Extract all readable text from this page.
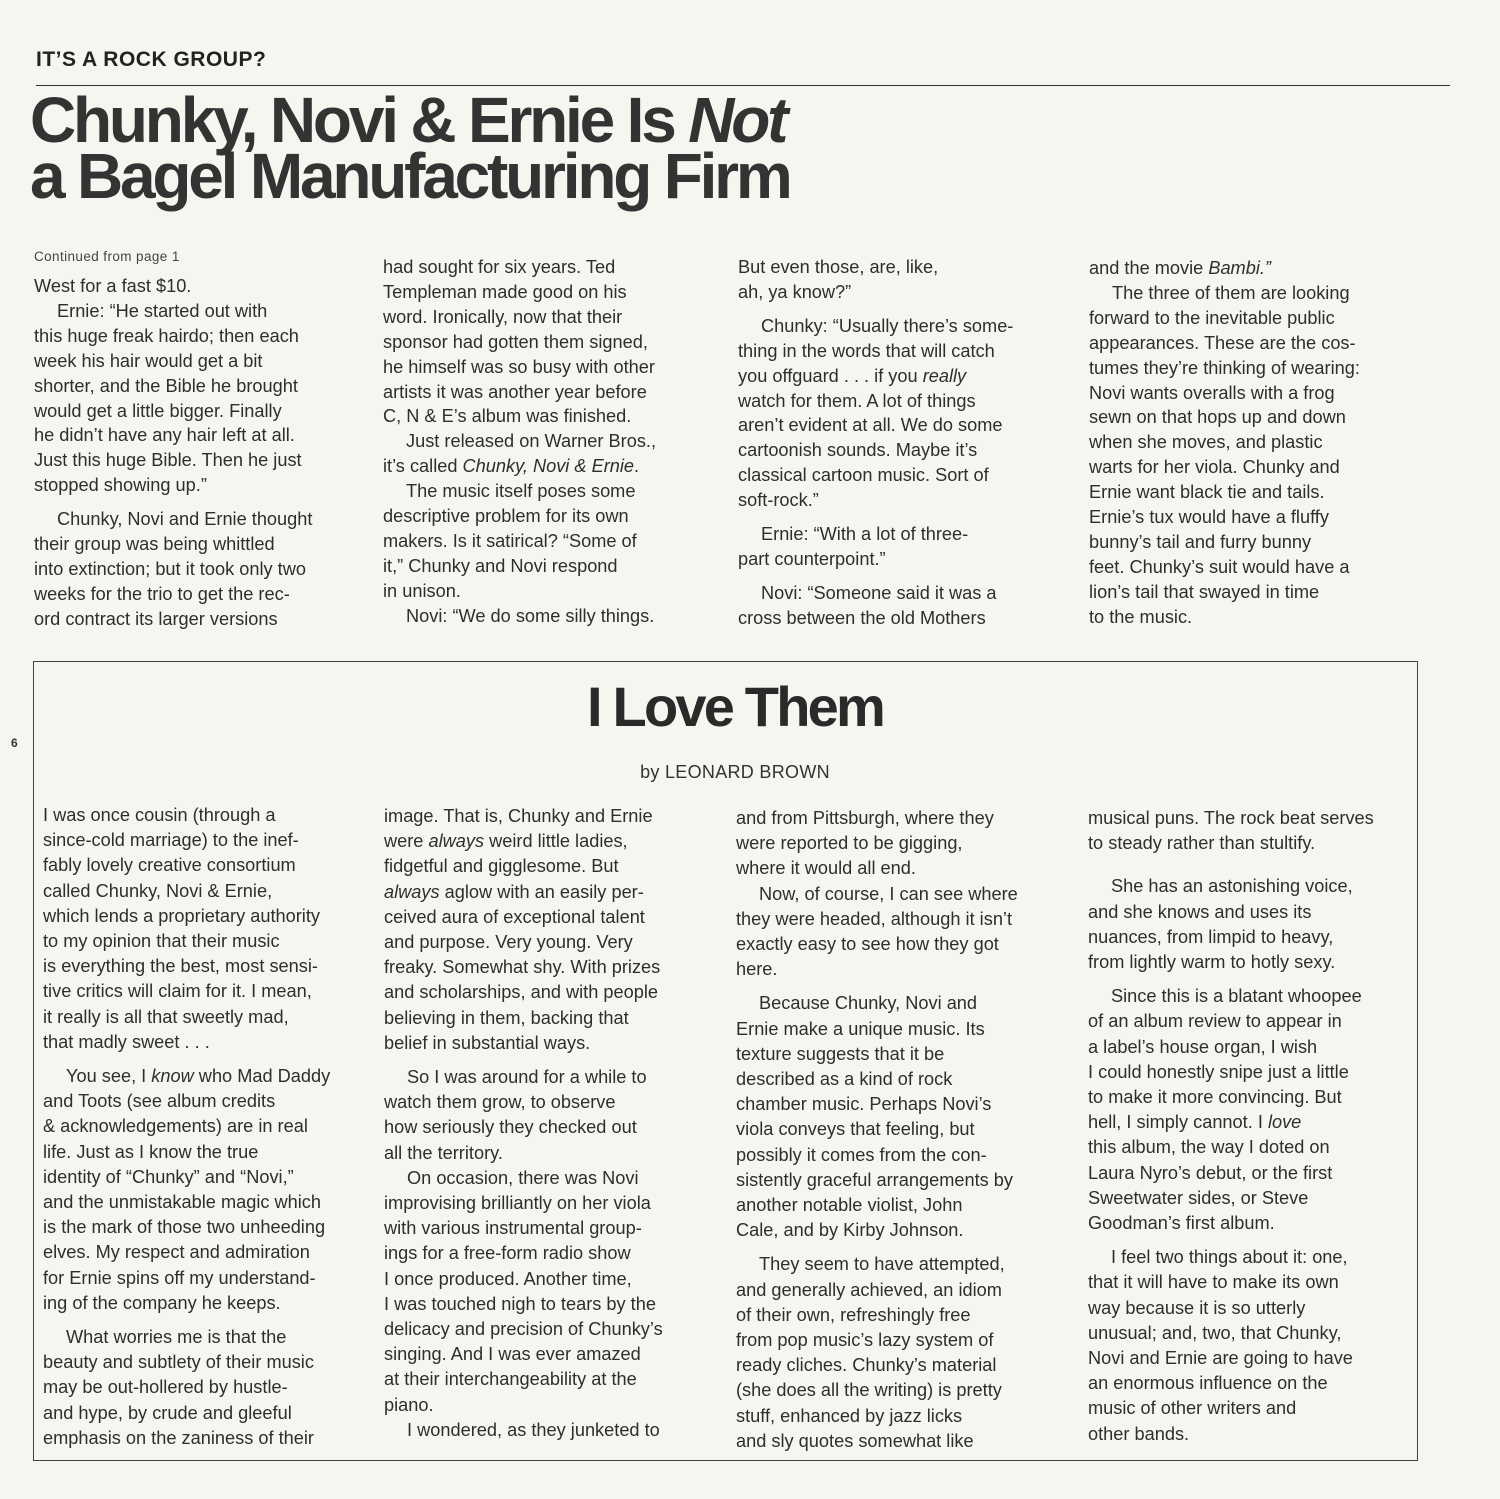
IT’S A ROCK GROUP?
Chunky, Novi & Ernie Is Not
a Bagel Manufacturing Firm

Continued from page 1

West for a fast $10.

Ernie: “He started out with

this huge freak hairdo; then each

week his hair would get a bit

shorter, and the Bible he brought

would get a little bigger. Finally

he didn’t have any hair left at all.

Just this huge Bible. Then he just

stopped showing up.”

Chunky, Novi and Ernie thought

their group was being whittled

into extinction; but it took only two

weeks for the trio to get the rec-

ord contract its larger versions

had sought for six years. Ted

Templeman made good on his

word. Ironically, now that their

sponsor had gotten them signed,

he himself was so busy with other

artists it was another year before

C, N & E’s album was finished.

Just released on Warner Bros.,

it’s called Chunky, Novi & Ernie.

The music itself poses some

descriptive problem for its own

makers. Is it satirical? “Some of

it,” Chunky and Novi respond

in unison.

Novi: “We do some silly things.

But even those, are, like,

ah, ya know?”

Chunky: “Usually there’s some-

thing in the words that will catch

you offguard . . . if you really

watch for them. A lot of things

aren’t evident at all. We do some

cartoonish sounds. Maybe it’s

classical cartoon music. Sort of

soft-rock.”

Ernie: “With a lot of three-

part counterpoint.”

Novi: “Someone said it was a

cross between the old Mothers

and the movie Bambi.”

The three of them are looking

forward to the inevitable public

appearances. These are the cos-

tumes they’re thinking of wearing:

Novi wants overalls with a frog

sewn on that hops up and down

when she moves, and plastic

warts for her viola. Chunky and

Ernie want black tie and tails.

Ernie’s tux would have a fluffy

bunny’s tail and furry bunny

feet. Chunky’s suit would have a

lion’s tail that swayed in time

to the music.

6
I Love Them
by LEONARD BROWN

I was once cousin (through a

since-cold marriage) to the inef-

fably lovely creative consortium

called Chunky, Novi & Ernie,

which lends a proprietary authority

to my opinion that their music

is everything the best, most sensi-

tive critics will claim for it. I mean,

it really is all that sweetly mad,

that madly sweet . . .

You see, I know who Mad Daddy

and Toots (see album credits

& acknowledgements) are in real

life. Just as I know the true

identity of “Chunky” and “Novi,”

and the unmistakable magic which

is the mark of those two unheeding

elves. My respect and admiration

for Ernie spins off my understand-

ing of the company he keeps.

What worries me is that the

beauty and subtlety of their music

may be out-hollered by hustle-

and hype, by crude and gleeful

emphasis on the zaniness of their

image. That is, Chunky and Ernie

were always weird little ladies,

fidgetful and gigglesome. But

always aglow with an easily per-

ceived aura of exceptional talent

and purpose. Very young. Very

freaky. Somewhat shy. With prizes

and scholarships, and with people

believing in them, backing that

belief in substantial ways.

So I was around for a while to

watch them grow, to observe

how seriously they checked out

all the territory.

On occasion, there was Novi

improvising brilliantly on her viola

with various instrumental group-

ings for a free-form radio show

I once produced. Another time,

I was touched nigh to tears by the

delicacy and precision of Chunky’s

singing. And I was ever amazed

at their interchangeability at the

piano.

I wondered, as they junketed to

and from Pittsburgh, where they

were reported to be gigging,

where it would all end.

Now, of course, I can see where

they were headed, although it isn’t

exactly easy to see how they got

here.

Because Chunky, Novi and

Ernie make a unique music. Its

texture suggests that it be

described as a kind of rock

chamber music. Perhaps Novi’s

viola conveys that feeling, but

possibly it comes from the con-

sistently graceful arrangements by

another notable violist, John

Cale, and by Kirby Johnson.

They seem to have attempted,

and generally achieved, an idiom

of their own, refreshingly free

from pop music’s lazy system of

ready cliches. Chunky’s material

(she does all the writing) is pretty

stuff, enhanced by jazz licks

and sly quotes somewhat like

musical puns. The rock beat serves

to steady rather than stultify.

She has an astonishing voice,

and she knows and uses its

nuances, from limpid to heavy,

from lightly warm to hotly sexy.

Since this is a blatant whoopee

of an album review to appear in

a label’s house organ, I wish

I could honestly snipe just a little

to make it more convincing. But

hell, I simply cannot. I love

this album, the way I doted on

Laura Nyro’s debut, or the first

Sweetwater sides, or Steve

Goodman’s first album.

I feel two things about it: one,

that it will have to make its own

way because it is so utterly

unusual; and, two, that Chunky,

Novi and Ernie are going to have

an enormous influence on the

music of other writers and

other bands.
